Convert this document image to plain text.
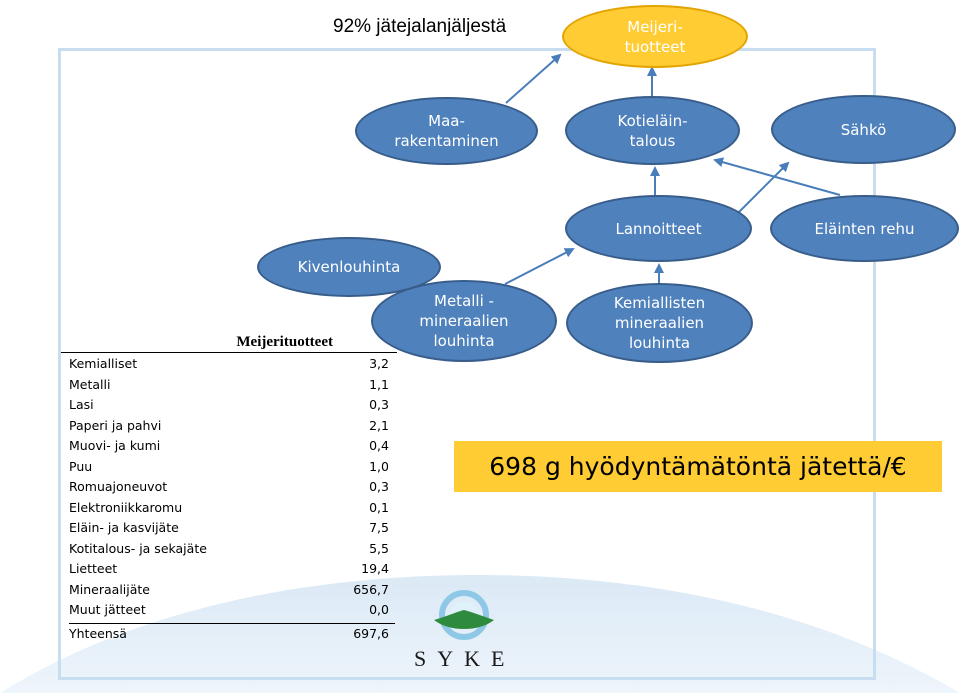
92% jätejalanjäljestä	Meijeri-
tuotteet
Maa-
rakentaminen
Kotieläin-
talous
Sähkö
Lannoitteet	Eläinten rehu
Kivenlouhinta
Metalli -
mineraalien
louhinta
Kemiallisten
mineraalien
louhinta
Meijerituotteet
Kemialliset	3,2
Metalli	1,1
Lasi	0,3
Paperi ja pahvi	2,1
Muovi- ja kumi	0,4
Puu	1,0
Romuajoneuvot	0,3
Elektroniikkaromu	0,1
Eläin- ja kasvijäte	7,5
Kotitalous- ja sekajäte	5,5
Lietteet	19,4
Mineraalijäte	656,7
Muut jätteet	0,0
Yhteensä	697,6
698 g hyödyntämätöntä jätettä/€
SYKE
